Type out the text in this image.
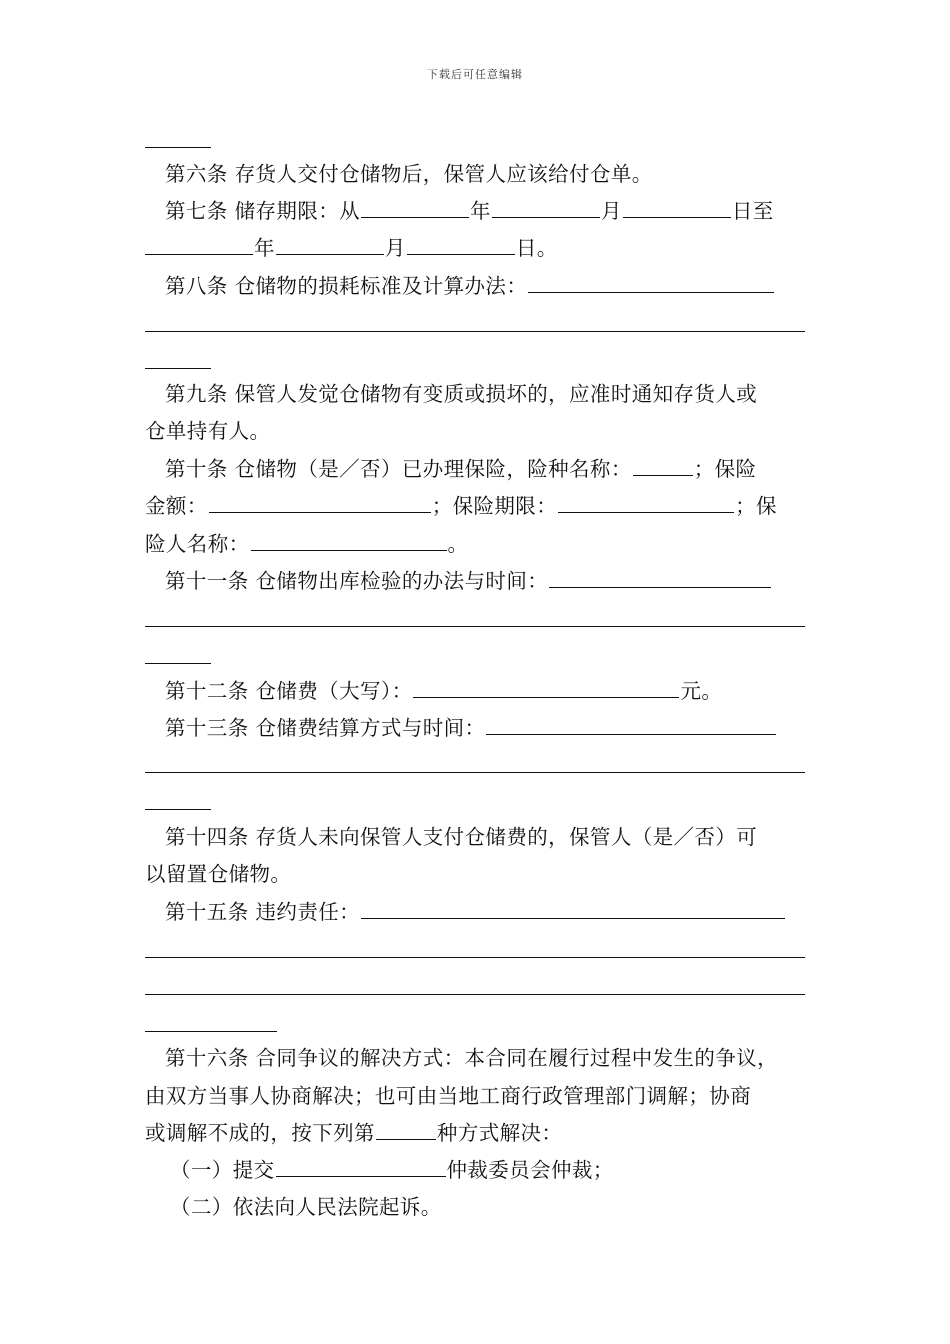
下载后可任意编辑
第六条 存货人交付仓储物后，保管人应该给付仓单。
第七条 储存期限：从	年	月	日至
年	月	日。
第八条 仓储物的损耗标准及计算办法：
第九条 保管人发觉仓储物有变质或损坏的，应准时通知存货人或
仓单持有人。
第十条 仓储物（是／否）已办理保险，险种名称：	；保险
金额：	；保险期限：	；保
险人名称：	。
第十一条 仓储物出库检验的办法与时间：
第十二条 仓储费（大写）：	元。
第十三条 仓储费结算方式与时间：
第十四条 存货人未向保管人支付仓储费的，保管人（是／否）可
以留置仓储物。
第十五条 违约责任：
第十六条 合同争议的解决方式：本合同在履行过程中发生的争议，
由双方当事人协商解决；也可由当地工商行政管理部门调解；协商
或调解不成的，按下列第	种方式解决：
（一）提交	仲裁委员会仲裁；
（二）依法向人民法院起诉。
